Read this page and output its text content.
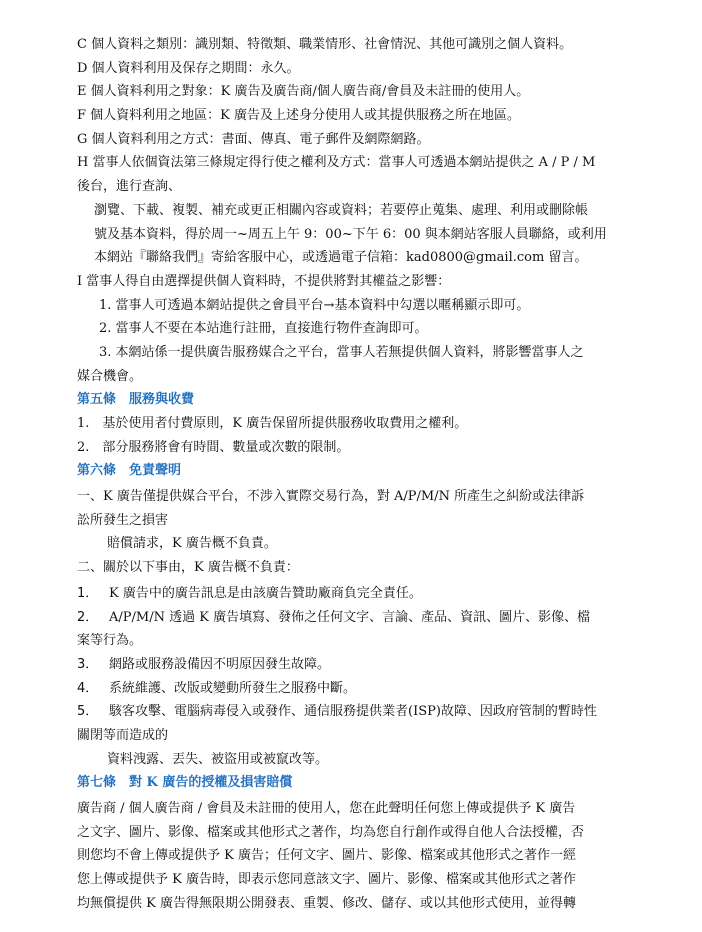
C 個人資料之類別：識別類、特徵類、職業情形、社會情況、其他可識別之個人資料。
D 個人資料利用及保存之期間：永久。
E 個人資料利用之對象：K 廣告及廣告商/個人廣告商/會員及未註冊的使用人。
F 個人資料利用之地區：K 廣告及上述身分使用人或其提供服務之所在地區。
G 個人資料利用之方式：書面、傳真、電子郵件及網際網路。
H 當事人依個資法第三條規定得行使之權利及方式：當事人可透過本網站提供之 A / P / M
後台，進行查詢、
瀏覽、下載、複製、補充或更正相關內容或資料；若要停止蒐集、處理、利用或刪除帳
號及基本資料，得於周一~周五上午 9：00~下午 6：00 與本網站客服人員聯絡，或利用
本網站『聯絡我們』寄給客服中心，或透過電子信箱：kad0800@gmail.com 留言。
I 當事人得自由選擇提供個人資料時，不提供將對其權益之影響：
1. 當事人可透過本網站提供之會員平台→基本資料中勾選以暱稱顯示即可。
2. 當事人不要在本站進行註冊，直接進行物件查詢即可。
3. 本網站係一提供廣告服務媒合之平台，當事人若無提供個人資料，將影響當事人之
媒合機會。
第五條　服務與收費
1.　基於使用者付費原則，K 廣告保留所提供服務收取費用之權利。
2.　部分服務將會有時間、數量或次數的限制。
第六條　免責聲明
一、K 廣告僅提供媒合平台，不涉入實際交易行為，對 A/P/M/N 所產生之糾紛或法律訴
訟所發生之損害
賠償請求，K 廣告概不負責。
二、關於以下事由，K 廣告概不負責：
1． K 廣告中的廣告訊息是由該廣告贊助廠商負完全責任。
2． A/P/M/N 透過 K 廣告填寫、發佈之任何文字、言論、產品、資訊、圖片、影像、檔
案等行為。
3． 網路或服務設備因不明原因發生故障。
4． 系統維護、改版或變動所發生之服務中斷。
5． 駭客攻擊、電腦病毒侵入或發作、通信服務提供業者(ISP)故障、因政府管制的暫時性
關閉等而造成的
資料洩露、丟失、被盜用或被竄改等。
第七條　對 K 廣告的授權及損害賠償
廣告商 / 個人廣告商 / 會員及未註冊的使用人，您在此聲明任何您上傳或提供予 K 廣告
之文字、圖片、影像、檔案或其他形式之著作，均為您自行創作或得自他人合法授權，否
則您均不會上傳或提供予 K 廣告；任何文字、圖片、影像、檔案或其他形式之著作一經
您上傳或提供予 K 廣告時，即表示您同意該文字、圖片、影像、檔案或其他形式之著作
均無償提供 K 廣告得無限期公開發表、重製、修改、儲存、或以其他形式使用，並得轉
